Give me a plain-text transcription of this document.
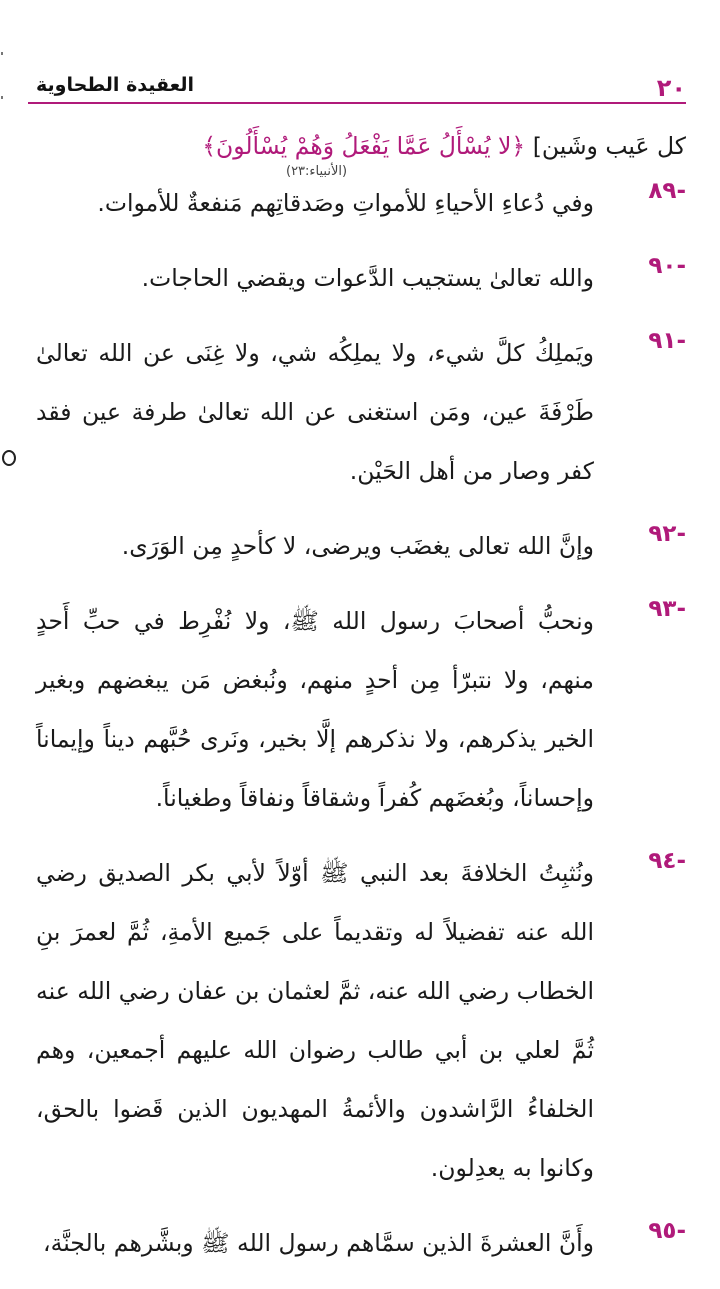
٢٠
العقيدة الطحاوية

كل عَيب وشَين] ﴿لا يُسْأَلُ عَمَّا يَفْعَلُ وَهُمْ يُسْأَلُونَ﴾

(الأنبياء:٢٣)
-٨٩

وفي دُعاءِ الأحياءِ للأمواتِ وصَدقاتِهم مَنفعةٌ للأموات.

-٩٠

والله تعالىٰ يستجيب الدَّعوات ويقضي الحاجات.

-٩١

ويَملِكُ كلَّ شيء، ولا يملِكُه شي، ولا غِنَى عن الله تعالىٰ طَرْفَةَ عين، ومَن استغنى عن الله تعالىٰ طرفة عين فقد كفر وصار من أهل الحَيْن.

-٩٢

وإنَّ الله تعالى يغضَب ويرضى، لا كأحدٍ مِن الوَرَى.

-٩٣

ونحبُّ أصحابَ رسول الله ﷺ، ولا نُفْرِط في حبِّ أَحدٍ منهم، ولا نتبرّأ مِن أحدٍ منهم، ونُبغض مَن يبغضهم وبغير الخير يذكرهم، ولا نذكرهم إلَّا بخير، ونَرى حُبَّهم ديناً وإيماناً وإحساناً، وبُغضَهم كُفراً وشقاقاً ونفاقاً وطغياناً.

-٩٤

ونُثبِتُ الخلافةَ بعد النبي ﷺ أوّلاً لأبي بكر الصديق رضي الله عنه تفضيلاً له وتقديماً على جَميع الأمةِ، ثُمَّ لعمرَ بنِ الخطاب رضي الله عنه، ثمَّ لعثمان بن عفان رضي الله عنه ثُمَّ لعلي بن أبي طالب رضوان الله عليهم أجمعين، وهم الخلفاءُ الرَّاشدون والأئمةُ المهديون الذين قَضوا بالحق، وكانوا به يعدِلون.

-٩٥

وأَنَّ العشرةَ الذين سمَّاهم رسول الله ﷺ وبشَّرهم بالجنَّة،
